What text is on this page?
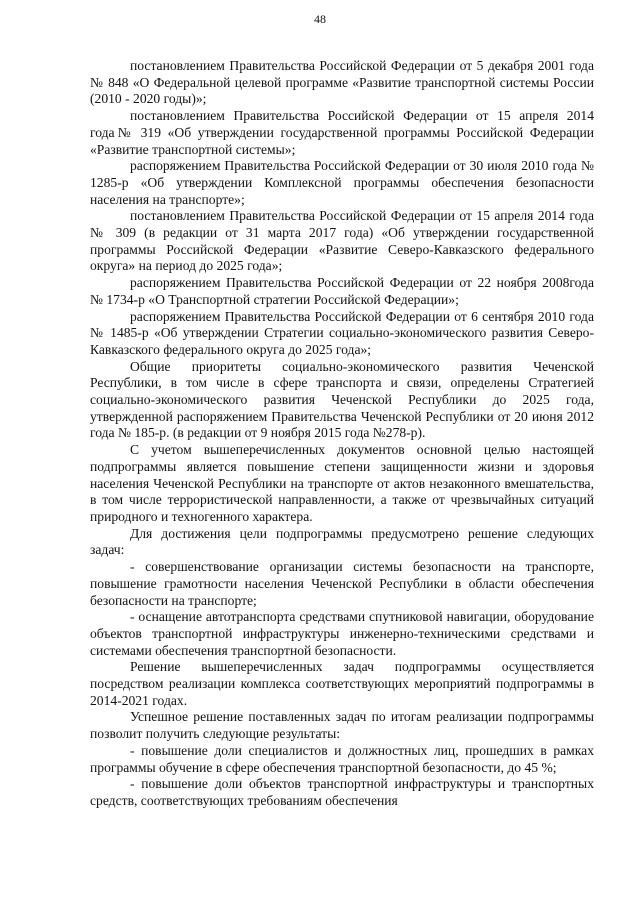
48

постановлением Правительства Российской Федерации от 5 декабря 2001 года № 848 «О Федеральной целевой программе «Развитие транспортной системы России (2010 - 2020 годы)»;

постановлением Правительства Российской Федерации от 15 апреля 2014 года№ 319 «Об утверждении государственной программы Российской Федерации «Развитие транспортной системы»;

распоряжением Правительства Российской Федерации от 30 июля 2010 года № 1285-р «Об утверждении Комплексной программы обеспечения безопасности населения на транспорте»;

постановлением Правительства Российской Федерации от 15 апреля 2014 года № 309 (в редакции от 31 марта 2017 года) «Об утверждении государственной программы Российской Федерации «Развитие Северо-Кавказского федерального округа» на период до 2025 года»;

распоряжением Правительства Российской Федерации от 22 ноября 2008года № 1734-р «О Транспортной стратегии Российской Федерации»;

распоряжением Правительства Российской Федерации от 6 сентября 2010 года № 1485-р «Об утверждении Стратегии социально-экономического развития Северо-Кавказского федерального округа до 2025 года»;

Общие приоритеты социально-экономического развития Чеченской Республики, в том числе в сфере транспорта и связи, определены Стратегией социально-экономического развития Чеченской Республики до 2025 года, утвержденной распоряжением Правительства Чеченской Республики от 20 июня 2012 года № 185-р. (в редакции от 9 ноября 2015 года №278-р).

С учетом вышеперечисленных документов основной целью настоящей подпрограммы является повышение степени защищенности жизни и здоровья населения Чеченской Республики на транспорте от актов незаконного вмешательства, в том числе террористической направленности, а также от чрезвычайных ситуаций природного и техногенного характера.

Для достижения цели подпрограммы предусмотрено решение следующих задач:

- совершенствование организации системы безопасности на транспорте, повышение грамотности населения Чеченской Республики в области обеспечения безопасности на транспорте;

- оснащение автотранспорта средствами спутниковой навигации, оборудование объектов транспортной инфраструктуры инженерно-техническими средствами и системами обеспечения транспортной безопасности.

Решение вышеперечисленных задач подпрограммы осуществляется посредством реализации комплекса соответствующих мероприятий подпрограммы в 2014-2021 годах.

Успешное решение поставленных задач по итогам реализации подпрограммы позволит получить следующие результаты:

- повышение доли специалистов и должностных лиц, прошедших в рамках программы обучение в сфере обеспечения транспортной безопасности, до 45 %;

- повышение доли объектов транспортной инфраструктуры и транспортных средств, соответствующих требованиям обеспечения
